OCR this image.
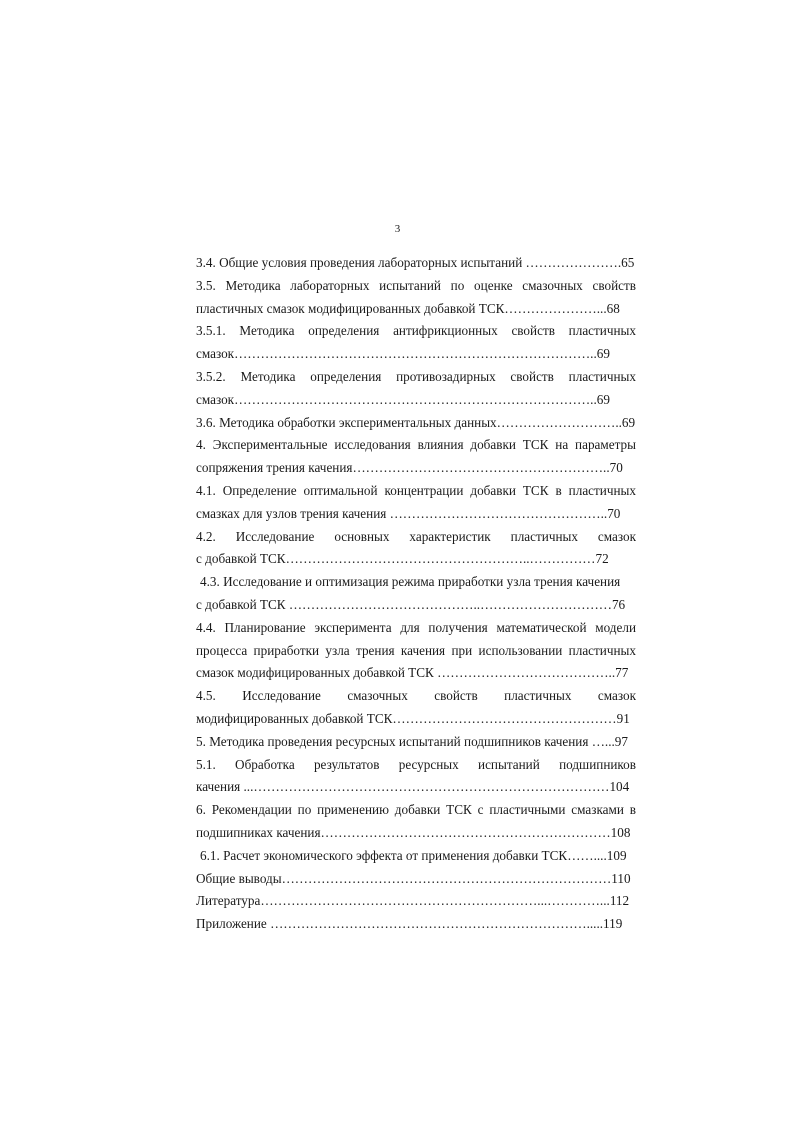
3
3.4. Общие условия проведения лабораторных испытаний ………………….65
3.5. Методика лабораторных испытаний по оценке смазочных свойств
пластичных смазок модифицированных добавкой ТСК…………………...68
3.5.1. Методика определения антифрикционных свойств пластичных
смазок………………………………………………………………………..69
3.5.2. Методика определения противозадирных свойств пластичных
смазок………………………………………………………………………..69
3.6. Методика обработки экспериментальных данных………………………..69
4. Экспериментальные исследования влияния добавки ТСК на параметры
сопряжения трения качения…………………………………………………..70
4.1. Определение оптимальной концентрации добавки ТСК в пластичных
смазках для узлов трения качения …………………………………………..70
4.2. Исследование основных характеристик пластичных смазок
с добавкой ТСК………………………………………………..……………72
4.3. Исследование и оптимизация режима приработки узла трения качения
с добавкой ТСК ……………………………………..…………………………76
4.4. Планирование эксперимента для получения математической модели
процесса приработки узла трения качения при использовании пластичных
смазок модифицированных добавкой ТСК …………………………………..77
4.5. Исследование смазочных свойств пластичных смазок
модифицированных добавкой ТСК……………………………………………91
5. Методика проведения ресурсных испытаний подшипников качения …...97
5.1. Обработка результатов ресурсных испытаний подшипников
качения ...………………………………………………………………………104
6. Рекомендации по применению добавки ТСК с пластичными смазками в
подшипниках качения…………………………………………………………108
6.1. Расчет экономического эффекта от применения добавки ТСК……....109
Общие выводы…………………………………………………………………110
Литература………………………………………………………...…………...112
Приложение ……………………………………………………………….....119
